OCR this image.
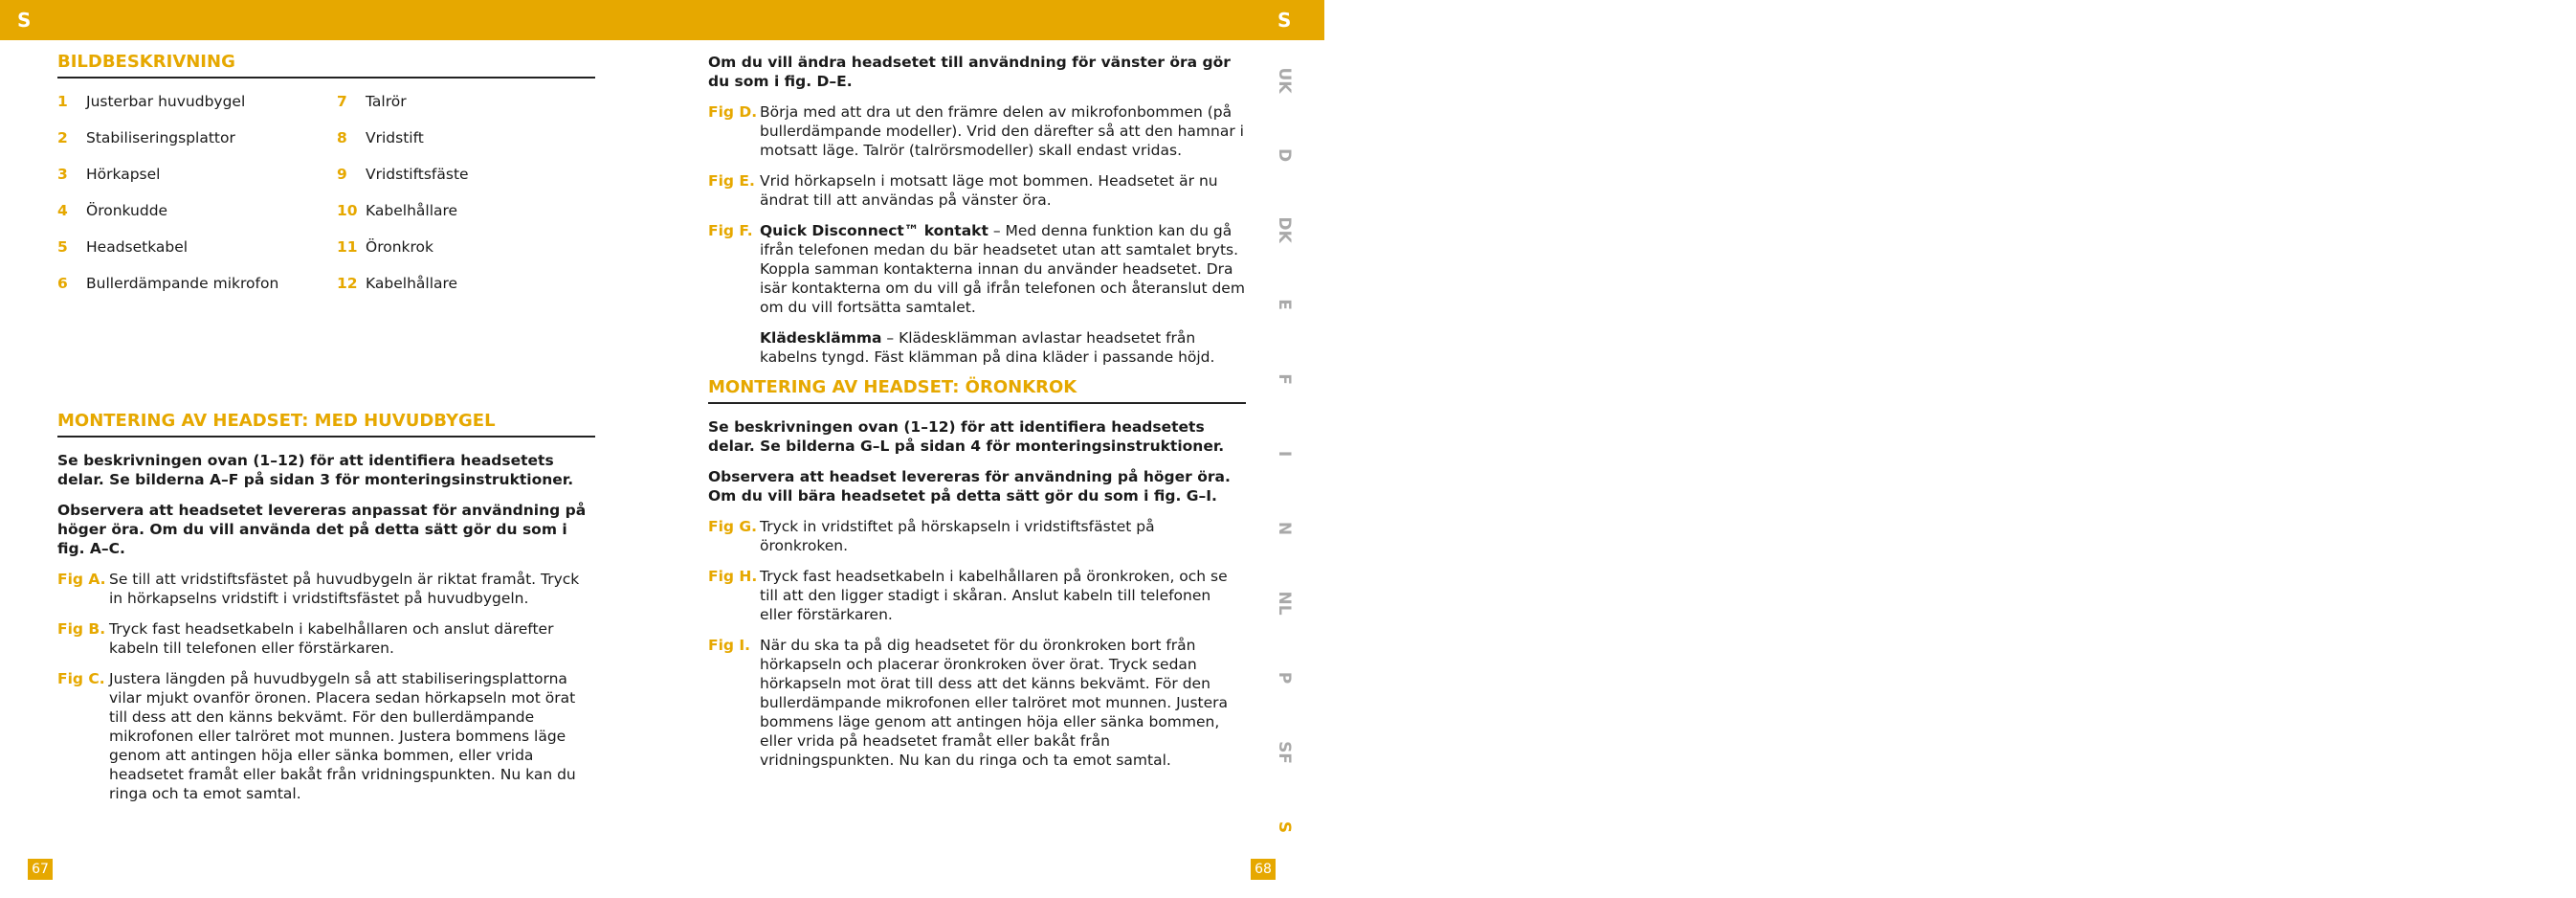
S	S
BILDBESKRIVNING
1	Justerbar huvudbygel	7	Talrör
2	Stabiliseringsplattor	8	Vridstift
3	Hörkapsel	9	Vridstiftsfäste
4	Öronkudde	10 Kabelhållare
5	Headsetkabel	11 Öronkrok
6	Bullerdämpande mikrofon	12 Kabelhållare
MONTERING AV HEADSET: MED HUVUDBYGEL
Se beskrivningen ovan (1–12) för att identifiera headsetets delar. Se bilderna A–F på sidan 3 för monteringsinstruktioner.
Observera att headsetet levereras anpassat för användning på höger öra. Om du vill använda det på detta sätt gör du som i fig. A–C.
Fig A. Se till att vridstiftsfästet på huvudbygeln är riktat framåt. Tryck in hörkapselns vridstift i vridstiftsfästet på huvudbygeln.
Fig B. Tryck fast headsetkabeln i kabelhållaren och anslut därefter kabeln till telefonen eller förstärkaren.
Fig C. Justera längden på huvudbygeln så att stabiliseringsplattorna vilar mjukt ovanför öronen. Placera sedan hörkapseln mot örat till dess att den känns bekvämt. För den bullerdämpande mikrofonen eller talröret mot munnen. Justera bommens läge genom att antingen höja eller sänka bommen, eller vrida headsetet framåt eller bakåt från vridningspunkten. Nu kan du ringa och ta emot samtal.
67
Om du vill ändra headsetet till användning för vänster öra gör du som i fig. D–E.
Fig D. Börja med att dra ut den främre delen av mikrofonbommen (på bullerdämpande modeller). Vrid den därefter så att den hamnar i motsatt läge. Talrör (talrörsmodeller) skall endast vridas.
Fig E. Vrid hörkapseln i motsatt läge mot bommen. Headsetet är nu ändrat till att användas på vänster öra.
Fig F. Quick Disconnect™ kontakt – Med denna funktion kan du gå ifrån telefonen medan du bär headsetet utan att samtalet bryts. Koppla samman kontakterna innan du använder headsetet. Dra isär kontakterna om du vill gå ifrån telefonen och återanslut dem om du vill fortsätta samtalet.
Klädesklämma – Klädesklämman avlastar headsetet från kabelns tyngd. Fäst klämman på dina kläder i passande höjd.
MONTERING AV HEADSET: ÖRONKROK
Se beskrivningen ovan (1–12) för att identifiera headsetets delar. Se bilderna G–L på sidan 4 för monteringsinstruktioner.
Observera att headset levereras för användning på höger öra. Om du vill bära headsetet på detta sätt gör du som i fig. G–I.
Fig G. Tryck in vridstiftet på hörskapseln i vridstiftsfästet på öronkroken.
Fig H. Tryck fast headsetkabeln i kabelhållaren på öronkroken, och se till att den ligger stadigt i skåran. Anslut kabeln till telefonen eller förstärkaren.
Fig I. När du ska ta på dig headsetet för du öronkroken bort från hörkapseln och placerar öronkroken över örat. Tryck sedan hörkapseln mot örat till dess att det känns bekvämt. För den bullerdämpande mikrofonen eller talröret mot munnen. Justera bommens läge genom att antingen höja eller sänka bommen, eller vrida på headsetet framåt eller bakåt från vridningspunkten. Nu kan du ringa och ta emot samtal.
UK
D
DK
E
F
I
N
NL
P
SF
S
68
